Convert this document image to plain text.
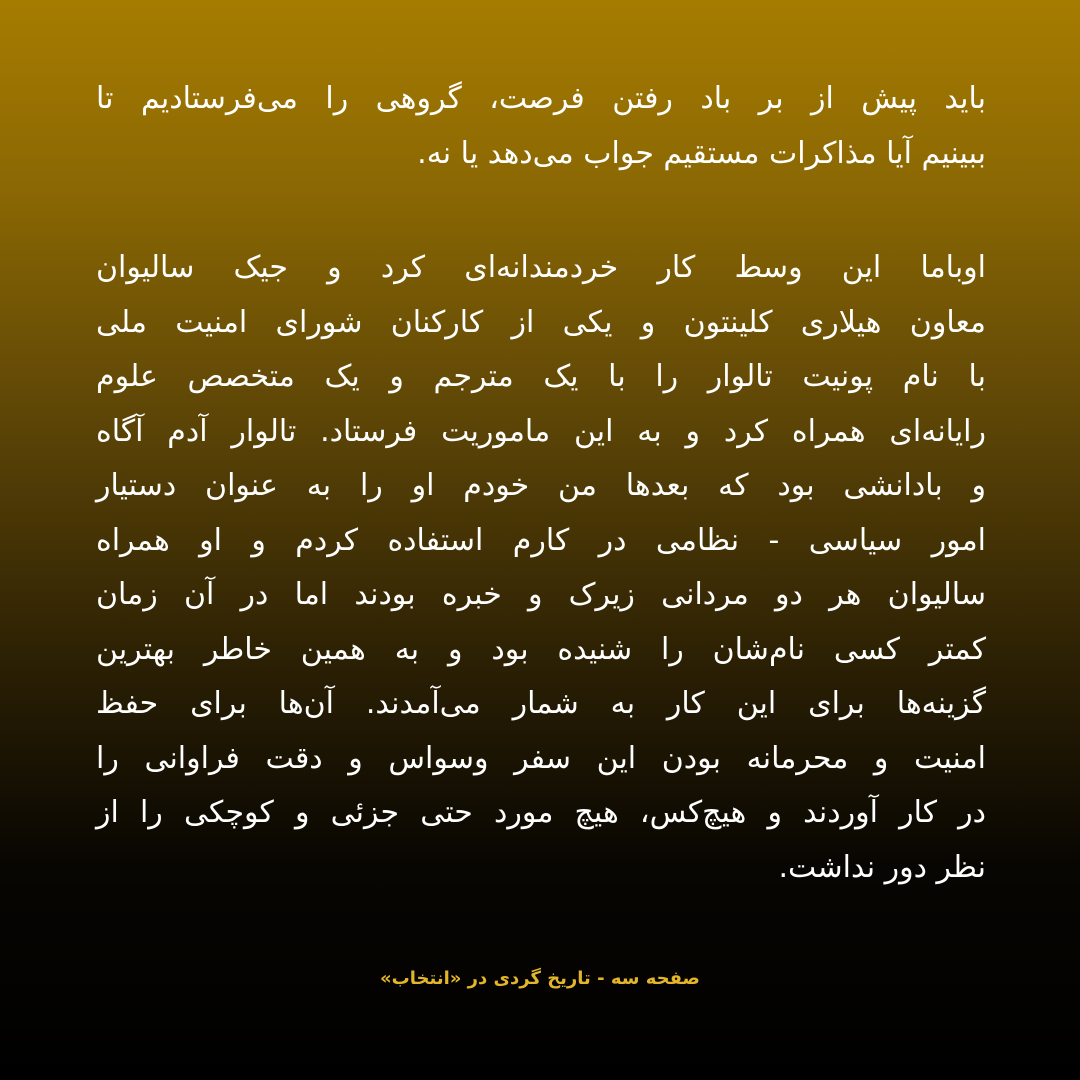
باید پیش از بر باد رفتن فرصت، گروهی را می‌فرستادیم تا
ببینیم آیا مذاکرات مستقیم جواب می‌دهد یا نه.
اوباما این وسط کار خردمندانه‌ای کرد و جیک سالیوان
معاون هیلاری کلینتون و یکی از کارکنان شورای امنیت ملی
با نام پونیت تالوار را با یک مترجم و یک متخصص علوم
رایانه‌ای همراه کرد و به این ماموریت فرستاد. تالوار آدم آگاه
و بادانشی بود که بعدها من خودم او را به عنوان دستیار
امور سیاسی - نظامی در کارم استفاده کردم و او همراه
سالیوان هر دو مردانی زیرک و خبره بودند اما در آن زمان
کمتر کسی نام‌شان را شنیده بود و به همین خاطر بهترین
گزینه‌ها برای این کار به شمار می‌آمدند. آن‌ها برای حفظ
امنیت و محرمانه بودن این سفر وسواس و دقت فراوانی را
در کار آوردند و هیچ‌کس، هیچ مورد حتی جزئی و کوچکی را از
نظر دور نداشت.
صفحه سه - تاریخ گردی در «انتخاب»
